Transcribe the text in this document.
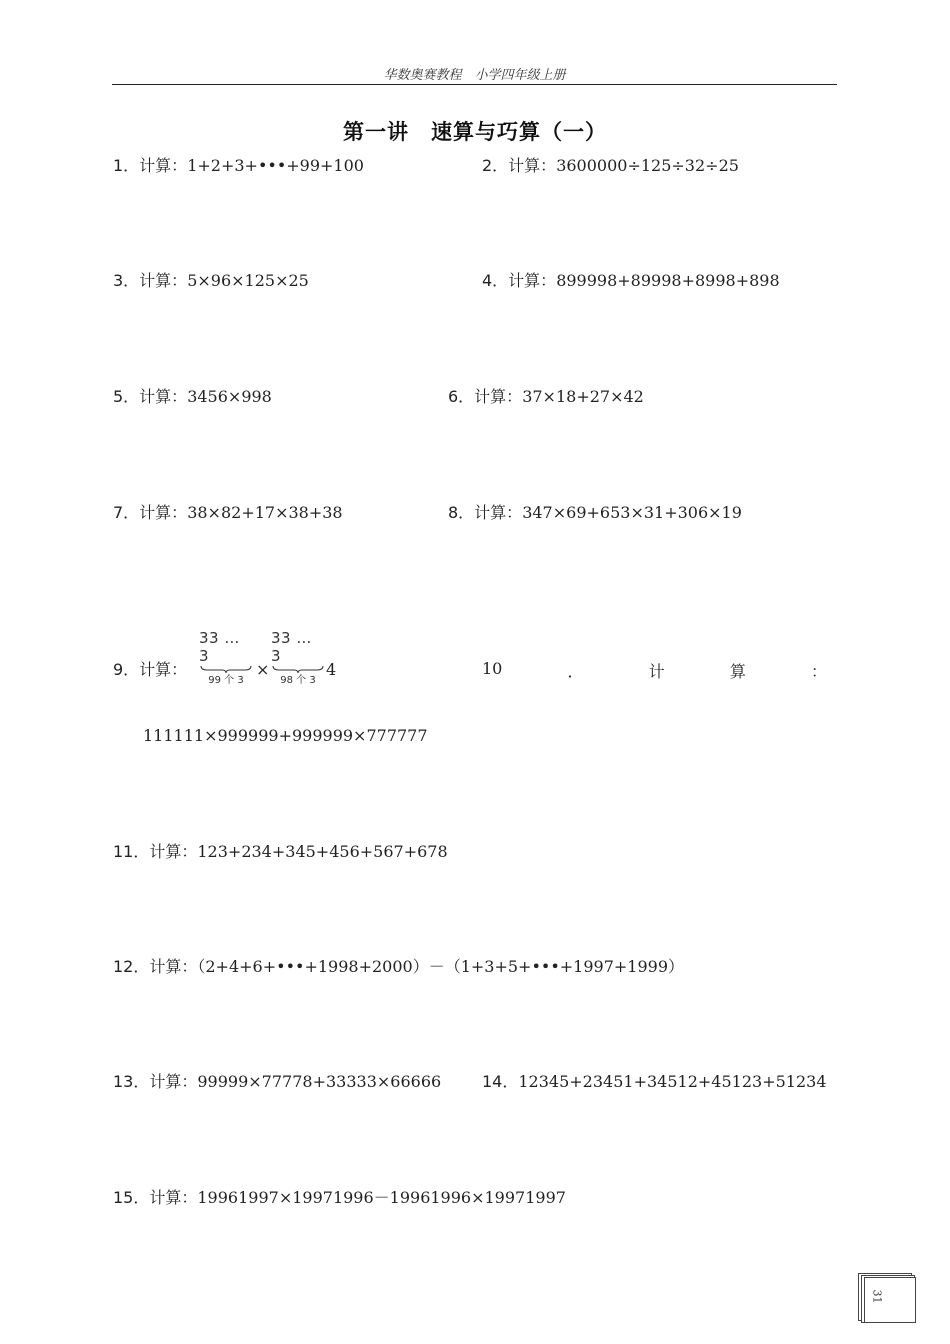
华数奥赛教程　小学四年级上册
第一讲　速算与巧算（一）
1．计算：1+2+3+•••+99+100	2．计算：3600000÷125÷32÷25
3．计算：5×96×125×25	4．计算：899998+89998+8998+898
5．计算：3456×998	6．计算：37×18+27×42
7．计算：38×82+17×38+38	8．计算：347×69+653×31+306×19
9．计算：
33 … 3
99 个 3
×
33 … 3
98 个 3
4	10	．	计	算	：
111111×999999+999999×777777
11．计算：123+234+345+456+567+678
12．计算：（2+4+6+•••+1998+2000）－（1+3+5+•••+1997+1999）
13．计算：99999×77778+33333×66666	14．12345+23451+34512+45123+51234
15．计算：19961997×19971996－19961996×19971997
31
